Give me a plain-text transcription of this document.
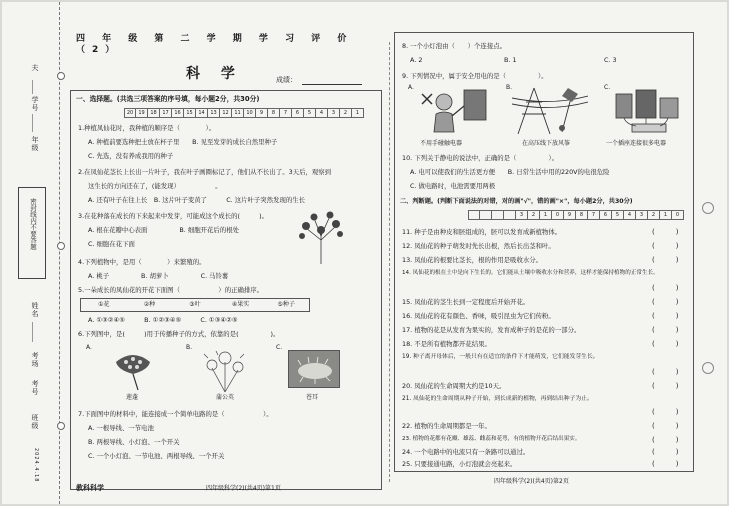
夫
学号
年级
密封线内不要答题
姓名
考场
考号
班级
2024.4.18
四 年 级 第 二 学 期 学 习 评 价（2）
科 学	成绩：
一、选择题。(共选三项答案的序号填，每小题2分，共30分)
20	19	18	17	16	15	14	13	12	11	10	9	8	7	6	5	4	3	2	1
1.种植凤仙花时，我种植的顺序是（　　　　）。
A. 种植前要选种把土放在杯子里　　B. 见至发芽的成长自然里种子
C. 先选，没有养成我用的种子
2.在凤仙花茎长上长出一片叶子，我在叶子画圈标记了，他们从不长出了。3天后，观察到
这生长的方向还在了，(能发现）　　　　　　。
A. 还有叶子在往上长　B. 这片叶子变黄了　　　C. 这片叶子突然发现的生长
3.在花种落在成长的下来起来中发芽，可能成这个成长的(　　　)。
A. 根在花瓣中心表面　　　　　B. 细胞开花后的根处
C. 细胞在花下面
4.下列植物中，是用（　　　　）来繁殖的。
A. 桃子　　　　　B. 胡萝卜　　　　　C. 马铃薯
5.一朵成长的凤仙花的开花下面图（　　　　　　）的正确排序。
①花	②种	③叶	④果实	⑤种子
A. ①③②④⑤　　　B. ①②③④⑤　　　C. ①③④②⑤
6.下列图中，是(　　　)用于传播种子的方式，依靠的是(　　　　　)。
A.	B.	C.
莲蓬	蒲公英	苍耳
7.下面图中的材料中，能连接成一个简单电路的是（　　　　　　）。
A. 一根导线、一节电池
B. 两根导线、小灯泡、一个开关
C. 一个小灯泡、一节电池、两根导线、一个开关
教科科学	四年级科学(2)(共4页)第1页
8. 一个小灯泡由（　　）个连接点。
A. 2	B. 1	C. 3
9. 下列情况中，属于安全用电的是（　　　　　）。
A.	B.	C.
不用手碰触电器	在高压线下放风筝	一个插座连接很多电器
10. 下列关于静电的说法中，正确的是（　　　　　）。
A. 电可以使我们的生活更方便　　B. 日常生活中用的220V的电很危险
C. 做电路时，电池需要用两极
二、判断题。(判断下面说法的对错，对的画"√"，错的画"×"，每小题2分，共30分)
3	2	1	0	9	8	7	6	5	4	3	2	1	0
11. 种子是由种皮和胚组成的，胚可以发育成新植物体。	(　　　)
12. 凤仙花的种子萌发时先长出根，然后长出茎和叶。	(　　　)
13. 凤仙花的根要比茎长，根的作用是吸收水分。	(　　　)
14. 凤仙花的根在土中是向下生长的。它们能从土壤中吸收水分和营养，这样才能保持植物的正常生长。
(　　　)
15. 凤仙花的茎生长到一定程度后开始开花。	(　　　)
16. 凤仙花的花有颜色、香味，吸引昆虫为它们传粉。	(　　　)
17. 植物的花是从发育为果实的，发育成种子的是花的一部分。	(　　　)
18. 不是所有植物都开花结果。	(　　　)
19. 种子离开母体后，一般只有在适宜的条件下才能萌发，它们能发芽生长。
(　　　)
20. 凤仙花的生命周期大约是10天。	(　　　)
21. 凤仙花的生命周期从种子开始，到长成新的植物，再到结出种子为止。
(　　　)
22. 植物的生命周期都是一年。	(　　　)
23. 植物的花都有花瓣、雄蕊、雌蕊和花萼，有的植物开花后结出果实。	(　　　)
24. 一个电路中的电流只有一条路可以通过。	(　　　)
25. 只要接通电路，小灯泡就会亮起来。	(　　　)
四年级科学(2)(共4页)第2页
